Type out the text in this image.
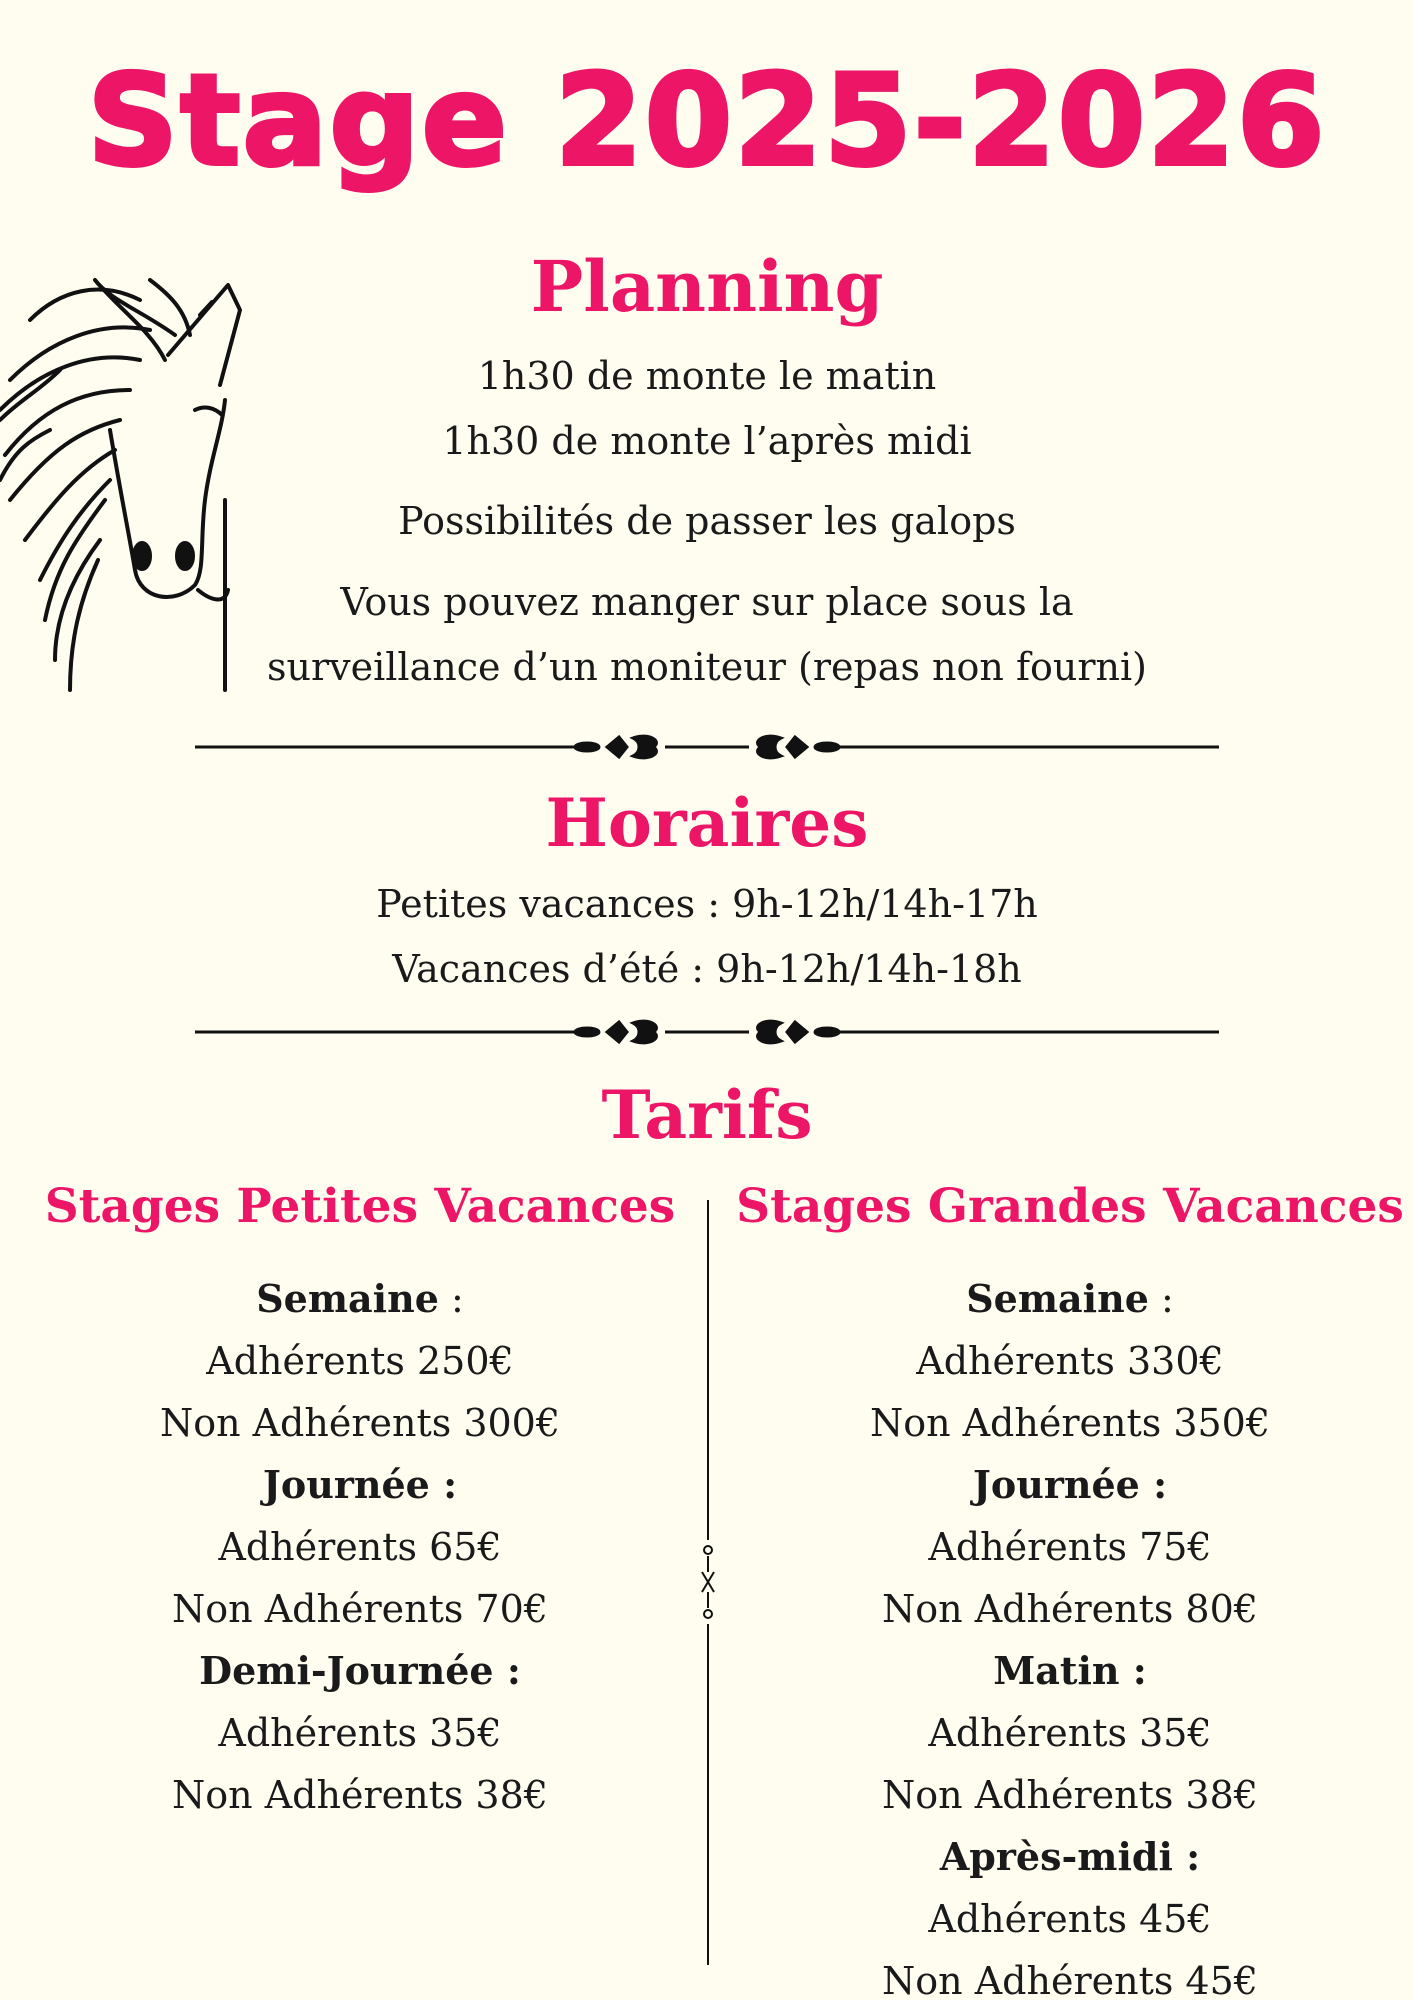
Stage 2025-2026
Planning
1h30 de monte le matin
1h30 de monte l’après midi
Possibilités de passer les galops
Vous pouvez manger sur place sous la
surveillance d’un moniteur (repas non fourni)
Horaires
Petites vacances : 9h-12h/14h-17h
Vacances d’été : 9h-12h/14h-18h
Tarifs
Stages Petites Vacances Stages Grandes Vacances
Semaine :
Adhérents 250€
Non Adhérents 300€
Journée :
Adhérents 65€
Non Adhérents 70€
Demi-Journée :
Adhérents 35€
Non Adhérents 38€
Semaine :
Adhérents 330€
Non Adhérents 350€
Journée :
Adhérents 75€
Non Adhérents 80€
Matin :
Adhérents 35€
Non Adhérents 38€
Après-midi :
Adhérents 45€
Non Adhérents 45€
